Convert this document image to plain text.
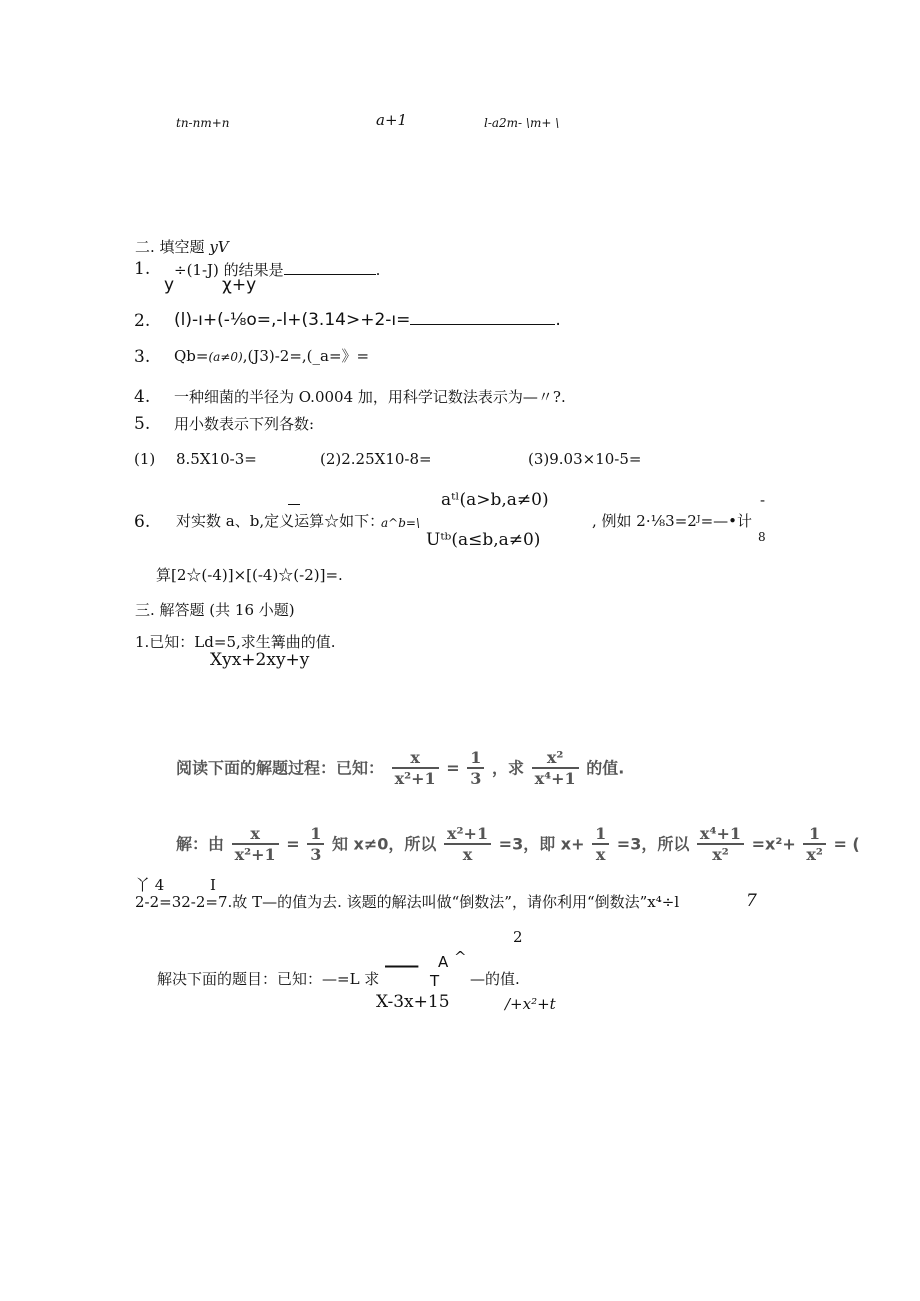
tn-nm+n	a+1	l-a2m- \m+ \
二. 填空题 yV
1. ÷(1-J) 的结果是	.
y	χ+y
2. (l)-ı+(-⅛o=,-l+(3.14>+2-ı=	.
3. Qb=(a≠0),(J3)-2=,(_a=》=
4. 一种细菌的半径为 O.0004 加，用科学记数法表示为—〃?.
5. 用小数表示下列各数:
(1) 8.5X10-3=	(2)2.25X10-8=	(3)9.03×10-5=
6. 对实数 a、b,定义运算☆如下：
a^b=\
aᵗˡ(a>b,a≠0)
Uᵗᵇ(a≤b,a≠0)
, 例如 2·⅛3=2ᴶ=—•计
-
8
算[2☆(-4)]×[(-4)☆(-2)]=.
三. 解答题 (共 16 小题)
1.已知：Ld=5,求生篝曲的值.
Xyx+2xy+y
阅读下面的解题过程：已知： $\frac{x}{\text{x²+1}} = \frac{1}{3}$ ，求 $\frac{\text{x²}}{\text{x⁴+1}}$ 的值.
解：由 $\frac{x}{\text{x²+1}} = \frac{1}{3}$ 知 x≠0，所以 $\frac{\text{x²+1}}{x} =3$，即 $x+ \frac{1}{x} =3$，所以 $\frac{\text{x⁴+1}}{\text{x²}} =x^2+ \frac{1}{\text{x²}}$ = (
丫 4	I
2-2=32-2=7.故 T—的值为去. 该题的解法叫做“倒数法”，请你利用“倒数法”x⁴÷l	7
2
解决下面的题目：已知：—=L 求
— A ^
T —的值.
X-3x+15	/+x²+t
